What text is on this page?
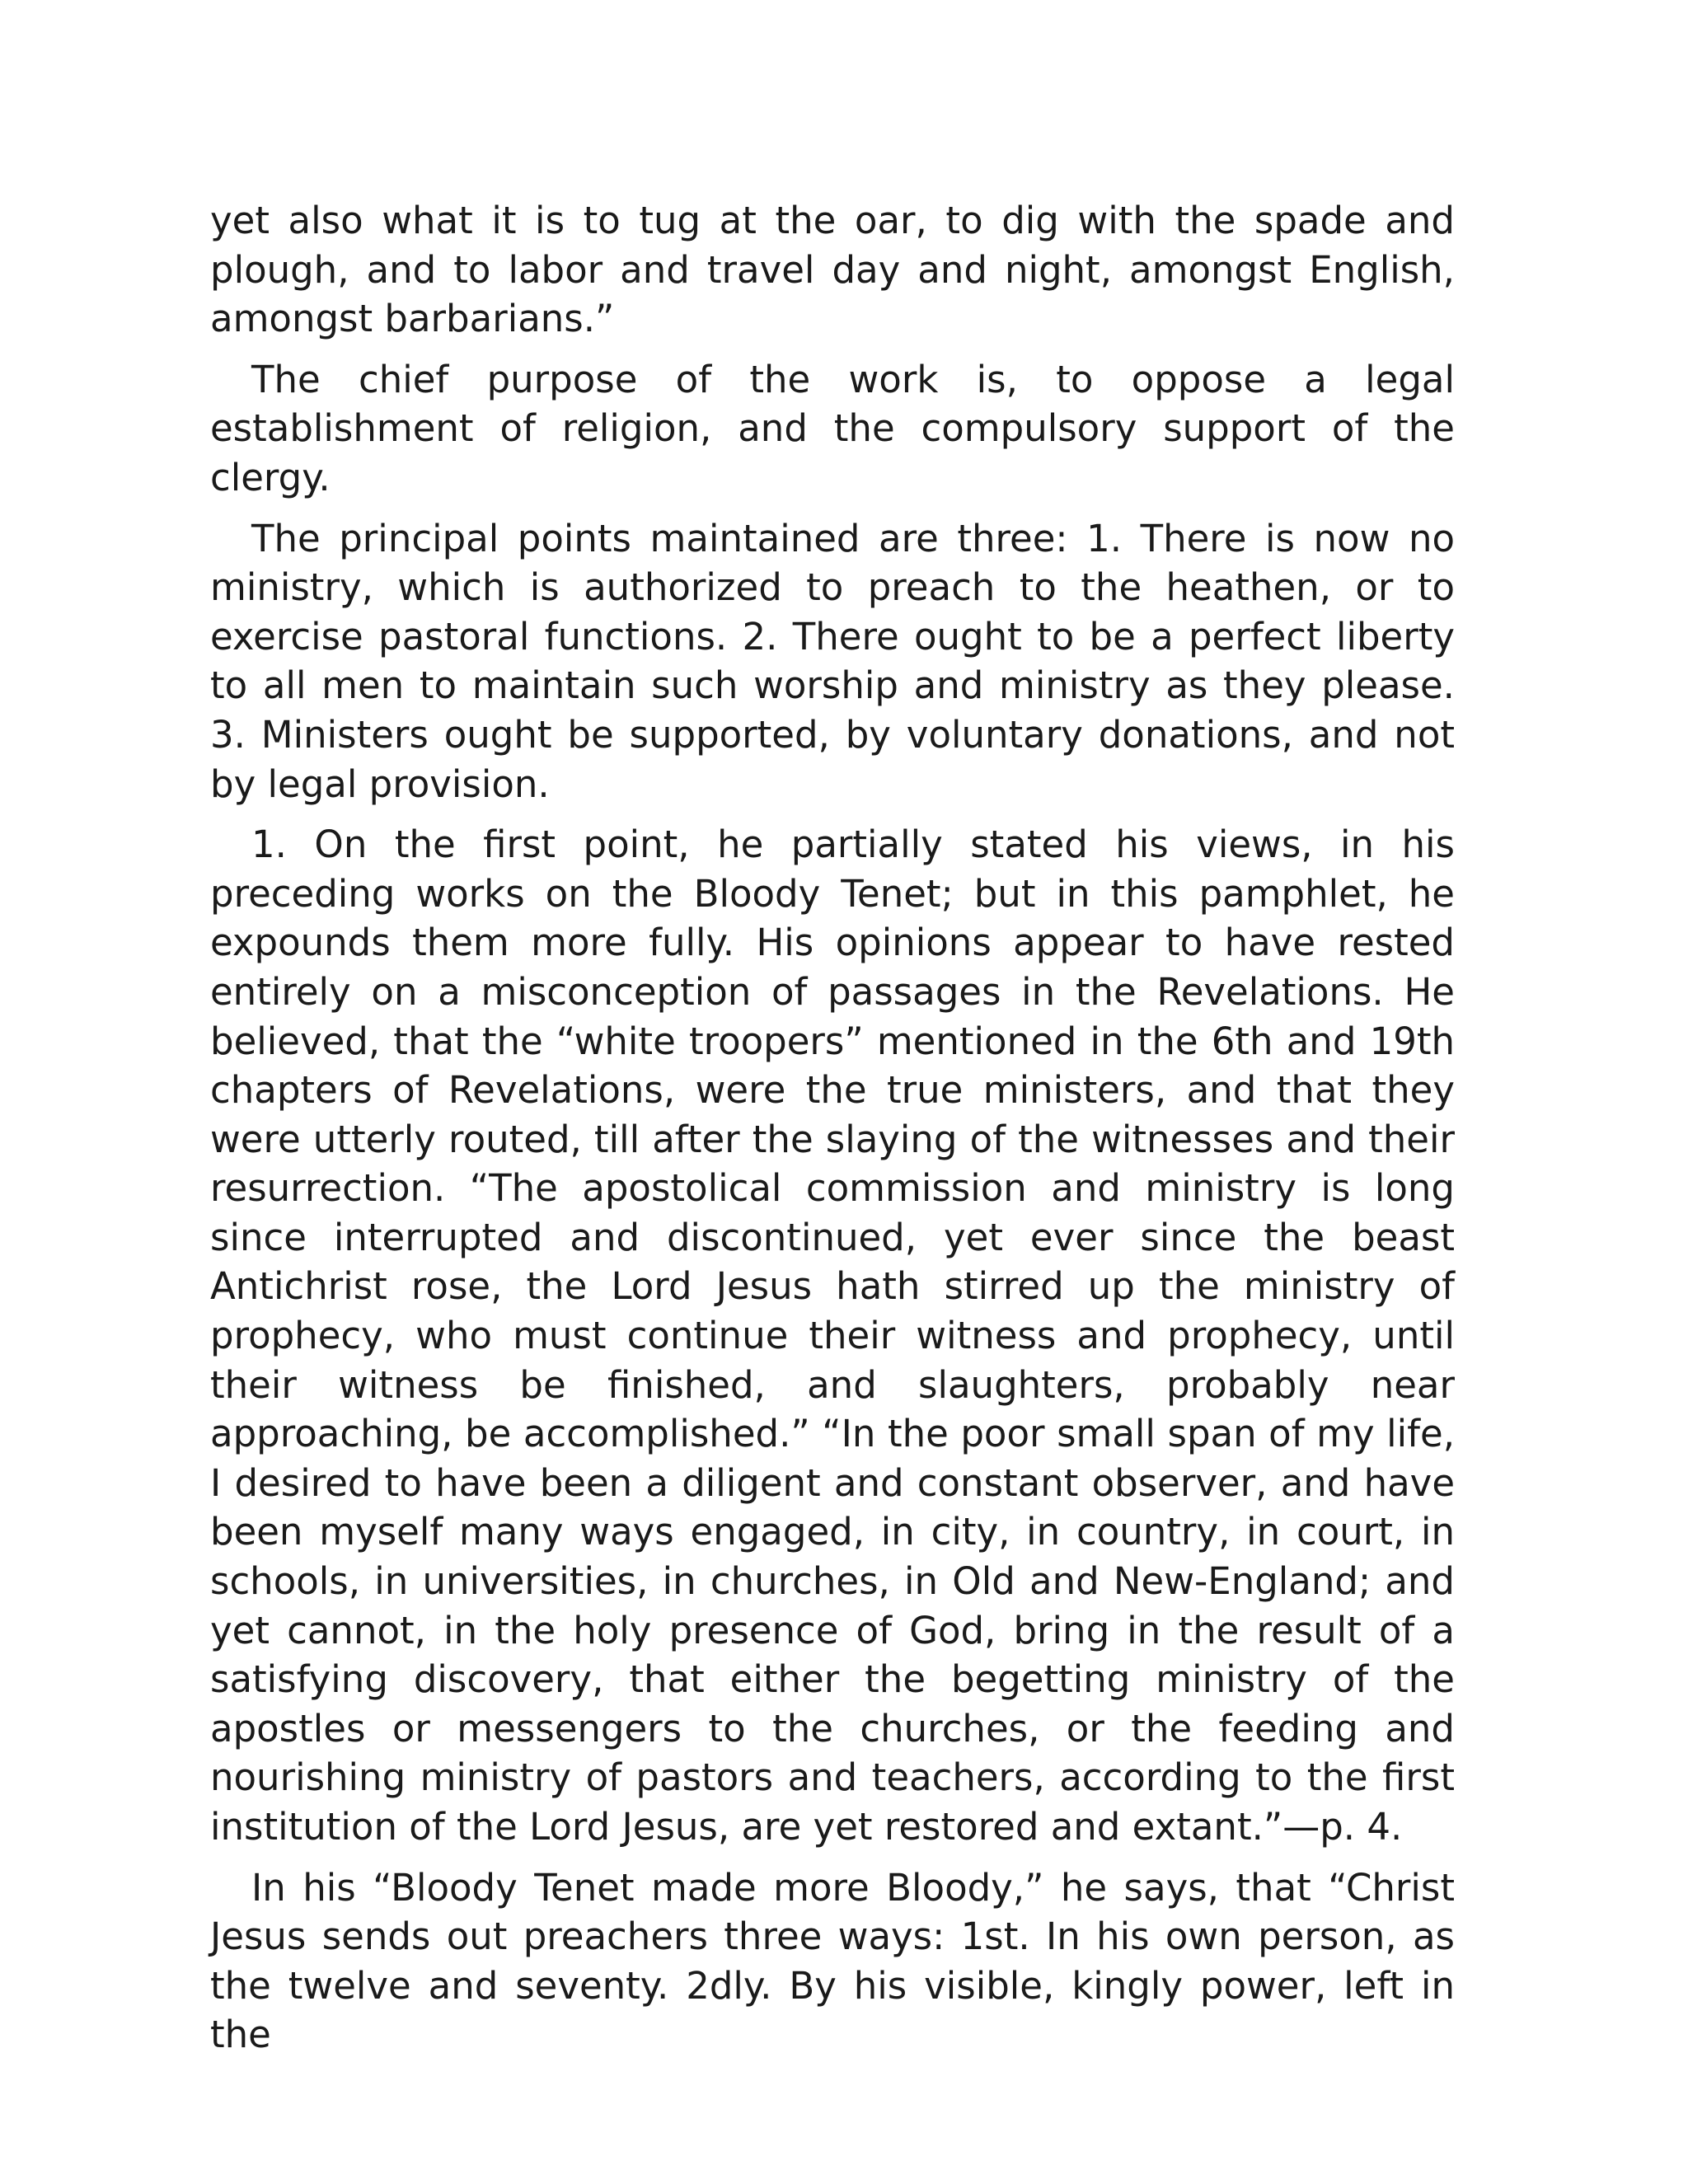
yet also what it is to tug at the oar, to dig with the spade and plough, and to labor and travel day and night, amongst English, amongst barbarians.”

The chief purpose of the work is, to oppose a legal establishment of religion, and the compulsory support of the clergy.

The principal points maintained are three: 1. There is now no ministry, which is authorized to preach to the heathen, or to exercise pastoral functions. 2. There ought to be a perfect liberty to all men to maintain such worship and ministry as they please. 3. Ministers ought be supported, by voluntary donations, and not by legal provision.

1. On the first point, he partially stated his views, in his preceding works on the Bloody Tenet; but in this pamphlet, he expounds them more fully. His opinions appear to have rested entirely on a misconception of passages in the Revelations. He believed, that the “white troopers” mentioned in the 6th and 19th chapters of Revelations, were the true ministers, and that they were utterly routed, till after the slaying of the witnesses and their resurrection. “The apostolical commission and ministry is long since interrupted and discontinued, yet ever since the beast Antichrist rose, the Lord Jesus hath stirred up the ministry of prophecy, who must continue their witness and prophecy, until their witness be finished, and slaughters, probably near approaching, be accomplished.” “In the poor small span of my life, I desired to have been a diligent and constant observer, and have been myself many ways engaged, in city, in country, in court, in schools, in universities, in churches, in Old and New-England; and yet cannot, in the holy presence of God, bring in the result of a satisfying discovery, that either the begetting ministry of the apostles or messengers to the churches, or the feeding and nourishing ministry of pastors and teachers, according to the first institution of the Lord Jesus, are yet restored and extant.”—p. 4.

In his “Bloody Tenet made more Bloody,” he says, that “Christ Jesus sends out preachers three ways: 1st. In his own person, as the twelve and seventy. 2dly. By his visible, kingly power, left in the
